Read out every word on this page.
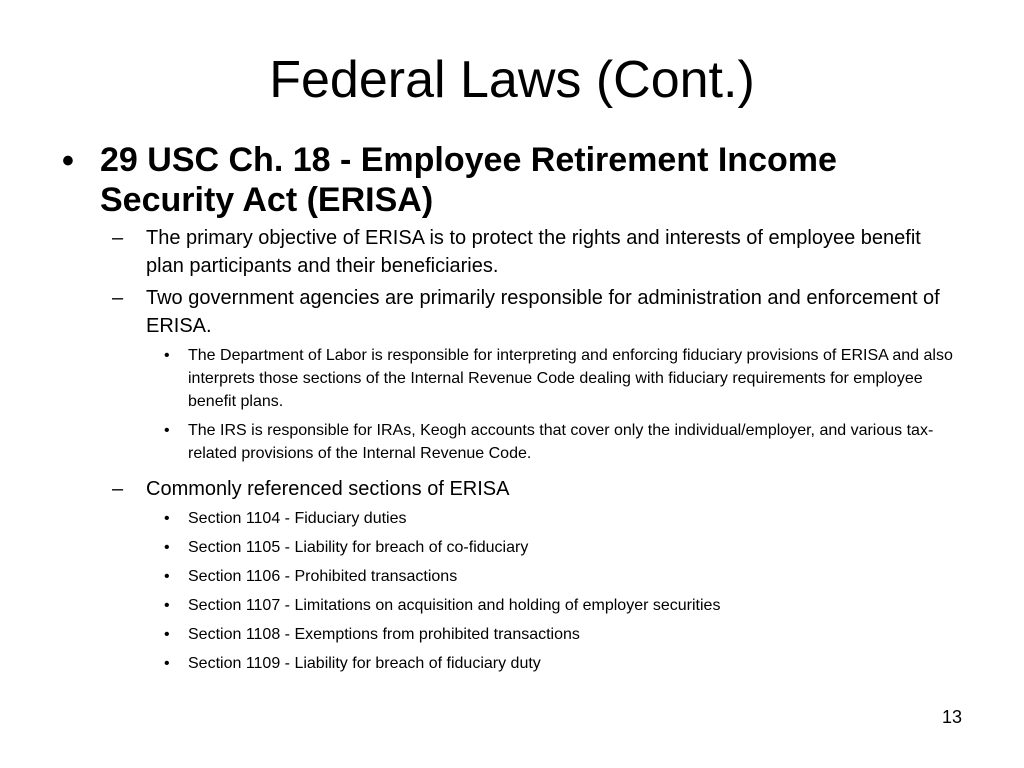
Federal Laws (Cont.)
• 29 USC Ch. 18 - Employee Retirement Income Security Act (ERISA)
–	The primary objective of ERISA is to protect the rights and interests of employee benefit plan participants and their beneficiaries.
–	Two government agencies are primarily responsible for administration and enforcement of ERISA.
•	The Department of Labor is responsible for interpreting and enforcing fiduciary provisions of ERISA and also interprets those sections of the Internal Revenue Code dealing with fiduciary requirements for employee benefit plans.
•	The IRS is responsible for IRAs, Keogh accounts that cover only the individual/employer, and various tax-related provisions of the Internal Revenue Code.
–	Commonly referenced sections of ERISA
•	Section 1104 - Fiduciary duties
•	Section 1105 - Liability for breach of co-fiduciary
•	Section 1106 - Prohibited transactions
•	Section 1107 - Limitations on acquisition and holding of employer securities
•	Section 1108 - Exemptions from prohibited transactions
•	Section 1109 - Liability for breach of fiduciary duty
13
